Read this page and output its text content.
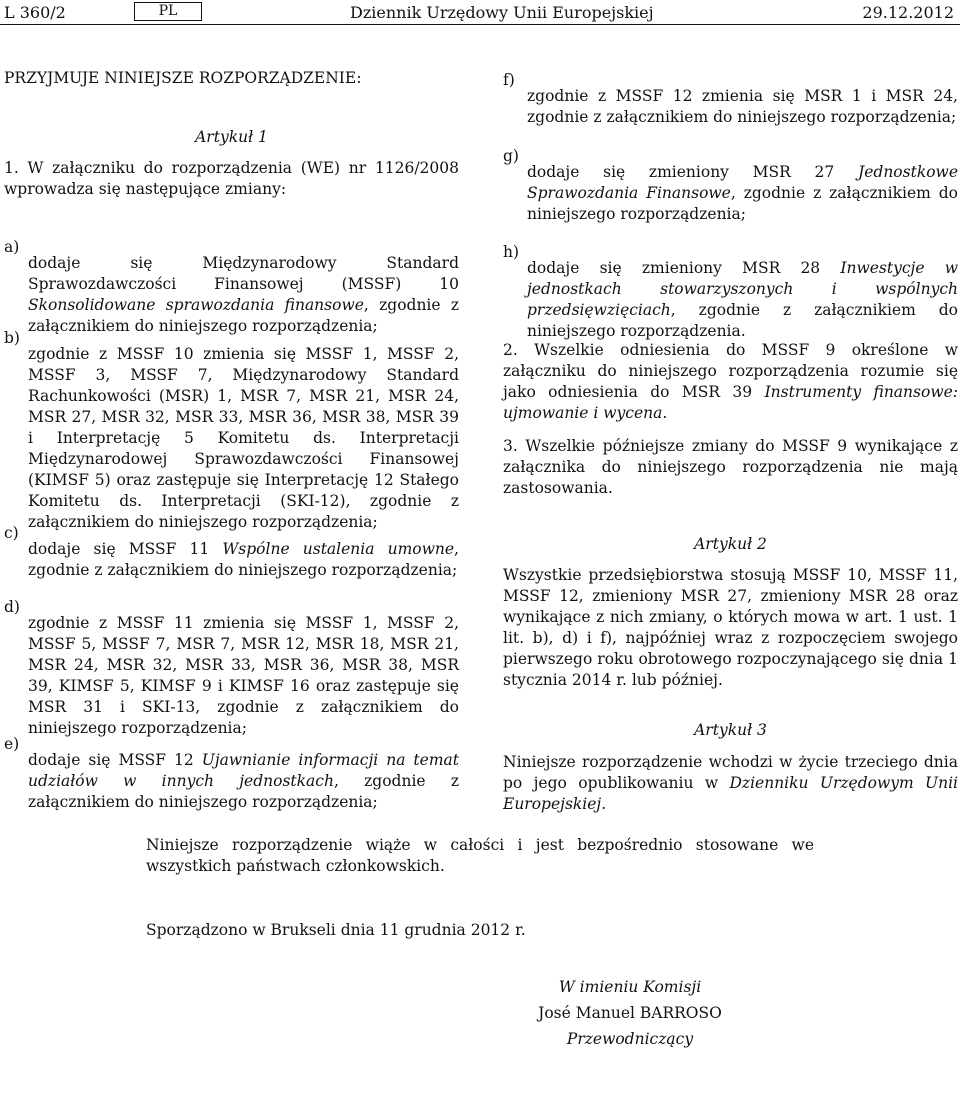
L 360/2	PL	Dziennik Urzędowy Unii Europejskiej	29.12.2012

PRZYJMUJE NINIEJSZE ROZPORZĄDZENIE:

Artykuł 1

1. W załączniku do rozporządzenia (WE) nr 1126/2008 wprowadza się następujące zmiany:

a)

dodaje się Międzynarodowy Standard Sprawozdawczości Finansowej (MSSF) 10 Skonsolidowane sprawozdania finansowe, zgodnie z załącznikiem do niniejszego rozporządzenia;

b)

zgodnie z MSSF 10 zmienia się MSSF 1, MSSF 2, MSSF 3, MSSF 7, Międzynarodowy Standard Rachunkowości (MSR) 1, MSR 7, MSR 21, MSR 24, MSR 27, MSR 32, MSR 33, MSR 36, MSR 38, MSR 39 i Interpretację 5 Komitetu ds. Interpretacji Międzynarodowej Sprawozdawczości Finansowej (KIMSF 5) oraz zastępuje się Interpretację 12 Stałego Komitetu ds. Interpretacji (SKI-12), zgodnie z załącznikiem do niniejszego rozporządzenia;

c)

dodaje się MSSF 11 Wspólne ustalenia umowne, zgodnie z załącznikiem do niniejszego rozporządzenia;

d)

zgodnie z MSSF 11 zmienia się MSSF 1, MSSF 2, MSSF 5, MSSF 7, MSR 7, MSR 12, MSR 18, MSR 21, MSR 24, MSR 32, MSR 33, MSR 36, MSR 38, MSR 39, KIMSF 5, KIMSF 9 i KIMSF 16 oraz zastępuje się MSR 31 i SKI-13, zgodnie z załącznikiem do niniejszego rozporządzenia;

e)

dodaje się MSSF 12 Ujawnianie informacji na temat udziałów w innych jednostkach, zgodnie z załącznikiem do niniejszego rozporządzenia;

f)

zgodnie z MSSF 12 zmienia się MSR 1 i MSR 24, zgodnie z załącznikiem do niniejszego rozporządzenia;

g)

dodaje się zmieniony MSR 27 Jednostkowe Sprawozdania Finansowe, zgodnie z załącznikiem do niniejszego rozporządzenia;

h)

dodaje się zmieniony MSR 28 Inwestycje w jednostkach stowarzyszonych i wspólnych przedsięwzięciach, zgodnie z załącznikiem do niniejszego rozporządzenia.

2. Wszelkie odniesienia do MSSF 9 określone w załączniku do niniejszego rozporządzenia rozumie się jako odniesienia do MSR 39 Instrumenty finansowe: ujmowanie i wycena.

3. Wszelkie późniejsze zmiany do MSSF 9 wynikające z załącznika do niniejszego rozporządzenia nie mają zastosowania.

Artykuł 2

Wszystkie przedsiębiorstwa stosują MSSF 10, MSSF 11, MSSF 12, zmieniony MSR 27, zmieniony MSR 28 oraz wynikające z nich zmiany, o których mowa w art. 1 ust. 1 lit. b), d) i f), najpóźniej wraz z rozpoczęciem swojego pierwszego roku obrotowego rozpoczynającego się dnia 1 stycznia 2014 r. lub później.

Artykuł 3

Niniejsze rozporządzenie wchodzi w życie trzeciego dnia po jego opublikowaniu w Dzienniku Urzędowym Unii Europejskiej.

Niniejsze rozporządzenie wiąże w całości i jest bezpośrednio stosowane we wszystkich państwach członkowskich.

Sporządzono w Brukseli dnia 11 grudnia 2012 r.

W imieniu Komisji

José Manuel BARROSO

Przewodniczący
